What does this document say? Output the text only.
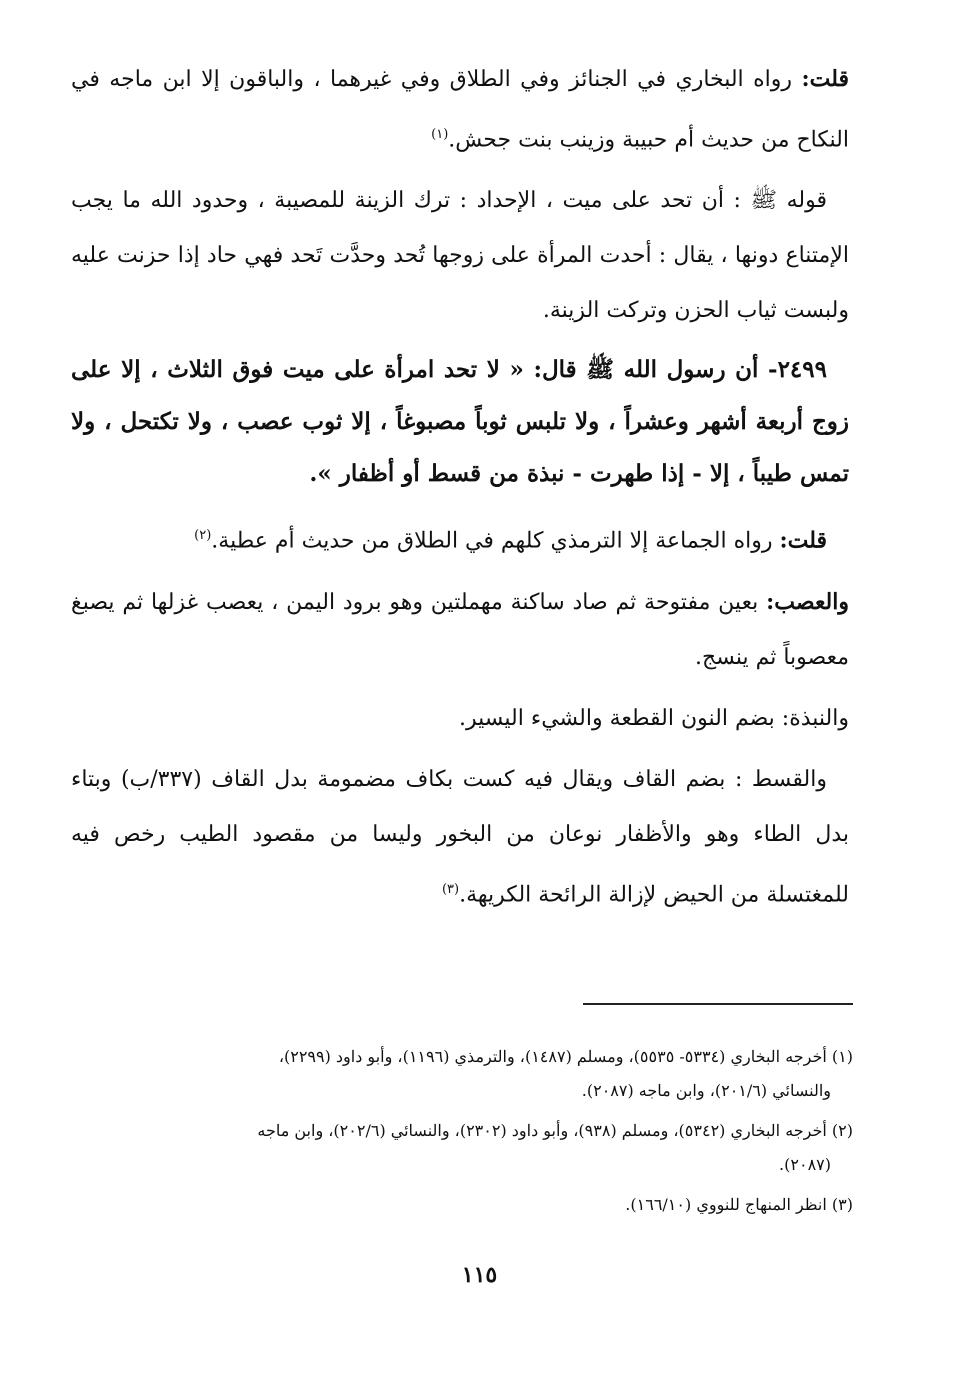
قلت: رواه البخاري في الجنائز وفي الطلاق وفي غيرهما ، والباقون إلا ابن ماجه في النكاح من حديث أم حبيبة وزينب بنت جحش.$^{(١)}$

قوله ﷺ : أن تحد على ميت ، الإحداد : ترك الزينة للمصيبة ، وحدود الله ما يجب الإمتناع دونها ، يقال : أحدت المرأة على زوجها تُحد وحدَّت تَحد فهي حاد إذا حزنت عليه ولبست ثياب الحزن وتركت الزينة.

٢٤٩٩- أن رسول الله ﷺ قال: « لا تحد امرأة على ميت فوق الثلاث ، إلا على زوج أربعة أشهر وعشراً ، ولا تلبس ثوباً مصبوغاً ، إلا ثوب عصب ، ولا تكتحل ، ولا تمس طيباً ، إلا - إذا طهرت - نبذة من قسط أو أظفار ».

قلت: رواه الجماعة إلا الترمذي كلهم في الطلاق من حديث أم عطية.$^{(٢)}$

والعصب: بعين مفتوحة ثم صاد ساكنة مهملتين وهو برود اليمن ، يعصب غزلها ثم يصبغ معصوباً ثم ينسج.

والنبذة: بضم النون القطعة والشيء اليسير.

والقسط : بضم القاف ويقال فيه كست بكاف مضمومة بدل القاف (٣٣٧/ب) وبتاء بدل الطاء وهو والأظفار نوعان من البخور وليسا من مقصود الطيب رخص فيه للمغتسلة من الحيض لإزالة الرائحة الكريهة.$^{(٣)}$

(١) أخرجه البخاري (٥٣٣٤- ٥٥٣٥)، ومسلم (١٤٨٧)، والترمذي (١١٩٦)، وأبو داود (٢٢٩٩)،
والنسائي (٢٠١/٦)، وابن ماجه (٢٠٨٧).

(٢) أخرجه البخاري (٥٣٤٢)، ومسلم (٩٣٨)، وأبو داود (٢٣٠٢)، والنسائي (٢٠٢/٦)، وابن ماجه
(٢٠٨٧).

(٣) انظر المنهاج للنووي (١٦٦/١٠).

١١٥
